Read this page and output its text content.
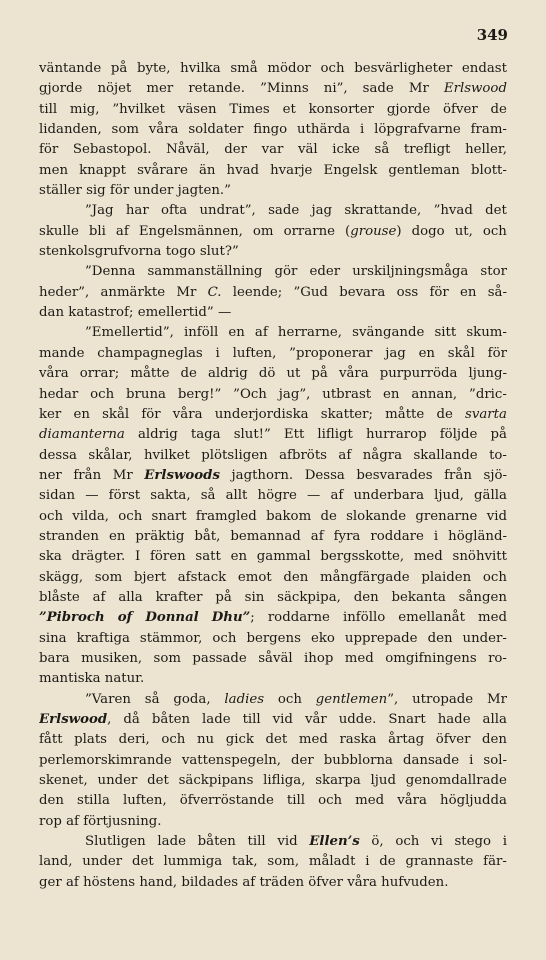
349
väntande på byte, hvilka små mödor och besvärligheter endast
gjorde nöjet mer retande. ”Minns ni”, sade Mr Erlswood
till mig, ”hvilket väsen Times et konsorter gjorde öfver de
lidanden, som våra soldater fingo uthärda i löpgrafvarne fram-
för Sebastopol. Nåväl, der var väl icke så trefligt heller,
men knappt svårare än hvad hvarje Engelsk gentleman blott-
ställer sig för under jagten.”
”Jag har ofta undrat”, sade jag skrattande, ”hvad det
skulle bli af Engelsmännen, om orrarne (grouse) dogo ut, och
stenkolsgrufvorna togo slut?”
”Denna sammanställning gör eder urskiljningsmåga stor
heder”, anmärkte Mr C. leende; ”Gud bevara oss för en så-
dan katastrof; emellertid” —
”Emellertid”, inföll en af herrarne, svängande sitt skum-
mande champagneglas i luften, ”proponerar jag en skål för
våra orrar; måtte de aldrig dö ut på våra purpurröda ljung-
hedar och bruna berg!” ”Och jag”, utbrast en annan, ”dric-
ker en skål för våra underjordiska skatter; måtte de svarta
diamanterna aldrig taga slut!” Ett lifligt hurrarop följde på
dessa skålar, hvilket plötsligen afbröts af några skallande to-
ner från Mr Erlswoods jagthorn. Dessa besvarades från sjö-
sidan — först sakta, så allt högre — af underbara ljud, gälla
och vilda, och snart framgled bakom de slokande grenarne vid
stranden en präktig båt, bemannad af fyra roddare i högländ-
ska drägter. I fören satt en gammal bergsskotte, med snöhvitt
skägg, som bjert afstack emot den mångfärgade plaiden och
blåste af alla krafter på sin säckpipa, den bekanta sången
”Pibroch of Donnal Dhu”; roddarne inföllo emellanåt med
sina kraftiga stämmor, och bergens eko upprepade den under-
bara musiken, som passade såväl ihop med omgifningens ro-
mantiska natur.
”Varen så goda, ladies och gentlemen”, utropade Mr
Erlswood, då båten lade till vid vår udde. Snart hade alla
fått plats deri, och nu gick det med raska årtag öfver den
perlemorskimrande vattenspegeln, der bubblorna dansade i sol-
skenet, under det säckpipans lifliga, skarpa ljud genomdallrade
den stilla luften, öfverröstande till och med våra högljudda
rop af förtjusning.
Slutligen lade båten till vid Ellen’s ö, och vi stego i
land, under det lummiga tak, som, måladt i de grannaste fär-
ger af höstens hand, bildades af träden öfver våra hufvuden.
